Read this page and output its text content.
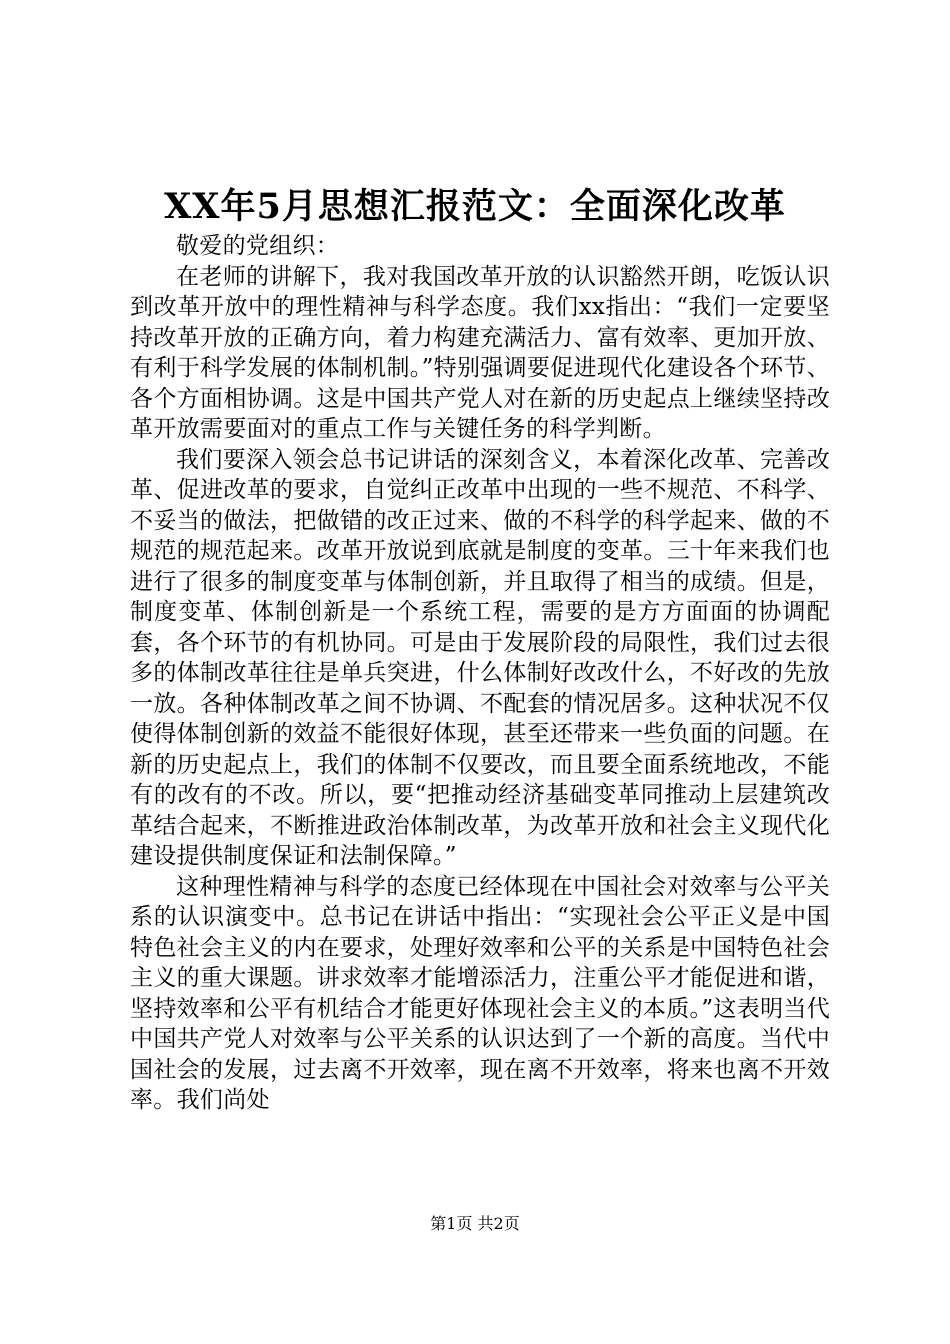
XX年5月思想汇报范文：全面深化改革

敬爱的党组织：

在老师的讲解下，我对我国改革开放的认识豁然开朗，吃饭认识到改革开放中的理性精神与科学态度。我们xx指出：“我们一定要坚持改革开放的正确方向，着力构建充满活力、富有效率、更加开放、有利于科学发展的体制机制。”特别强调要促进现代化建设各个环节、各个方面相协调。这是中国共产党人对在新的历史起点上继续坚持改革开放需要面对的重点工作与关键任务的科学判断。

我们要深入领会总书记讲话的深刻含义，本着深化改革、完善改革、促进改革的要求，自觉纠正改革中出现的一些不规范、不科学、不妥当的做法，把做错的改正过来、做的不科学的科学起来、做的不规范的规范起来。改革开放说到底就是制度的变革。三十年来我们也进行了很多的制度变革与体制创新，并且取得了相当的成绩。但是，制度变革、体制创新是一个系统工程，需要的是方方面面的协调配套，各个环节的有机协同。可是由于发展阶段的局限性，我们过去很多的体制改革往往是单兵突进，什么体制好改改什么，不好改的先放一放。各种体制改革之间不协调、不配套的情况居多。这种状况不仅使得体制创新的效益不能很好体现，甚至还带来一些负面的问题。在新的历史起点上，我们的体制不仅要改，而且要全面系统地改，不能有的改有的不改。所以，要“把推动经济基础变革同推动上层建筑改革结合起来，不断推进政治体制改革，为改革开放和社会主义现代化建设提供制度保证和法制保障。”

这种理性精神与科学的态度已经体现在中国社会对效率与公平关系的认识演变中。总书记在讲话中指出：“实现社会公平正义是中国特色社会主义的内在要求，处理好效率和公平的关系是中国特色社会主义的重大课题。讲求效率才能增添活力，注重公平才能促进和谐，坚持效率和公平有机结合才能更好体现社会主义的本质。”这表明当代中国共产党人对效率与公平关系的认识达到了一个新的高度。当代中国社会的发展，过去离不开效率，现在离不开效率，将来也离不开效率。我们尚处

第1页 共2页
